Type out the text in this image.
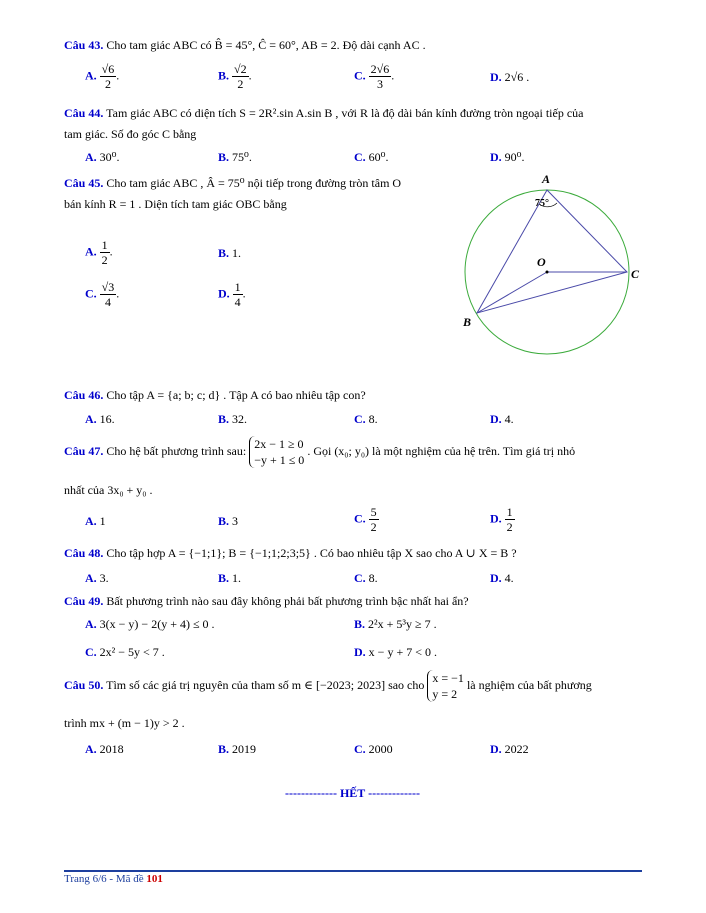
Câu 43. Cho tam giác ABC có B̂ = 45°, Ĉ = 60°, AB = 2. Độ dài cạnh AC .
A. $\frac{√6}{2}$ .	B. $\frac{√2}{2}$ .	C. $\frac{2√6}{3}$ .	D. 2√6 .
Câu 44. Tam giác ABC có diện tích S = 2R².sin A.sin B , với R là độ dài bán kính đường tròn ngoại tiếp của
tam giác. Số đo góc C bằng
A. 30⁰.	B. 75⁰.	C. 60⁰.	D. 90⁰.
Câu 45. Cho tam giác ABC , Â = 75⁰ nội tiếp trong đường tròn tâm O
bán kính R = 1 . Diện tích tam giác OBC bằng
A. $\frac{1}{2}$ .	B. 1.
C. $\frac{√3}{4}$ .	D. $\frac{1}{4}$ .
A
75°
O
C
B
Câu 46. Cho tập A = {a; b; c; d} . Tập A có bao nhiêu tập con?
A. 16.	B. 32.	C. 8.	D. 4.
Câu 47. Cho hệ bất phương trình sau: 2x − 1 ≥ 0
−y + 1 ≤ 0
. Gọi (x₀; y₀) là một nghiệm của hệ trên. Tìm giá trị nhỏ
nhất của 3x₀ + y₀ .
A. 1	B. 3	C. $\frac{5}{2}$	D. $\frac{1}{2}$
Câu 48. Cho tập hợp A = {−1;1}; B = {−1;1;2;3;5} . Có bao nhiêu tập X sao cho A ∪ X = B ?
A. 3.	B. 1.	C. 8.	D. 4.
Câu 49. Bất phương trình nào sau đây không phải bất phương trình bậc nhất hai ẩn?
A. 3(x − y) − 2(y + 4) ≤ 0 .	B. 2²x + 5³y ≥ 7 .
C. 2x² − 5y < 7 .	D. x − y + 7 < 0 .
Câu 50. Tìm số các giá trị nguyên của tham số m ∈ [−2023; 2023] sao cho x = −1
y = 2
là nghiệm của bất phương
trình mx + (m − 1)y > 2 .
A. 2018	B. 2019	C. 2000	D. 2022
------------- HẾT -------------
Trang 6/6 - Mã đề 101
